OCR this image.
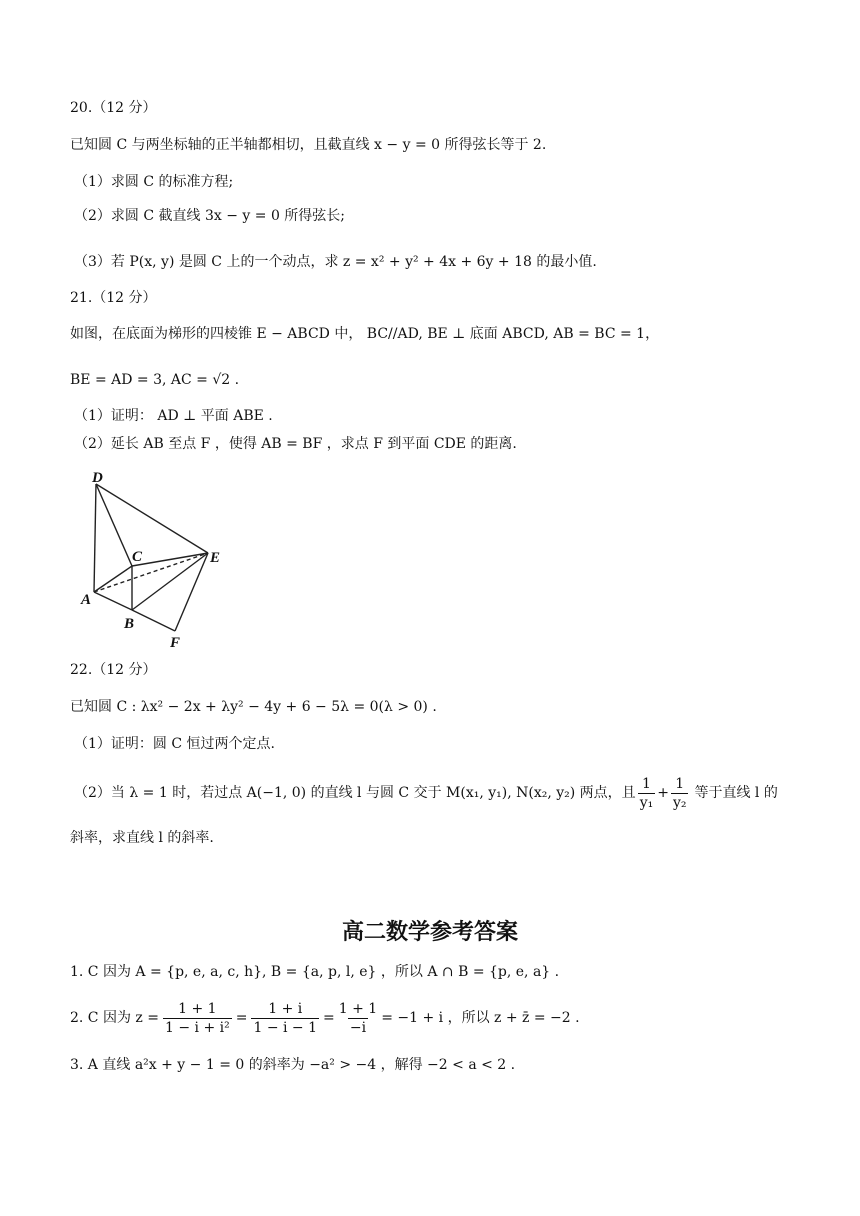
20.（12 分）
已知圆 C 与两坐标轴的正半轴都相切，且截直线 x − y = 0 所得弦长等于 2.
（1）求圆 C 的标准方程;
（2）求圆 C 截直线 3x − y = 0 所得弦长;
（3）若 P(x, y) 是圆 C 上的一个动点，求 z = x² + y² + 4x + 6y + 18 的最小值.
21.（12 分）
如图，在底面为梯形的四棱锥 E − ABCD 中， BC//AD, BE ⊥ 底面 ABCD, AB = BC = 1，
BE = AD = 3, AC = √2 .
（1）证明： AD ⊥ 平面 ABE .
（2）延长 AB 至点 F ，使得 AB = BF ，求点 F 到平面 CDE 的距离.
D
C	E
A
B
F
22.（12 分）
已知圆 C : λx² − 2x + λy² − 4y + 6 − 5λ = 0(λ > 0) .
（1）证明：圆 C 恒过两个定点.
（2）当 λ = 1 时，若过点 A(−1, 0) 的直线 l 与圆 C 交于 M(x₁, y₁), N(x₂, y₂) 两点，且 $\frac{1}{\text{y₁}} + \frac{1}{\text{y₂}}$ 等于直线 l 的
斜率，求直线 l 的斜率.
高二数学参考答案
1. C 因为 A = {p, e, a, c, h}, B = {a, p, l, e} ，所以 A ∩ B = {p, e, a} .
2. C 因为 $z = \frac{1 + 1}{\text{1 − i + i²}} = \frac{1 + i}{1 - i - 1} = \frac{1 + 1}{-i} = -1 + i$ ，所以 z + z̄ = −2 .
3. A 直线 a²x + y − 1 = 0 的斜率为 −a² > −4 ，解得 −2 < a < 2 .
